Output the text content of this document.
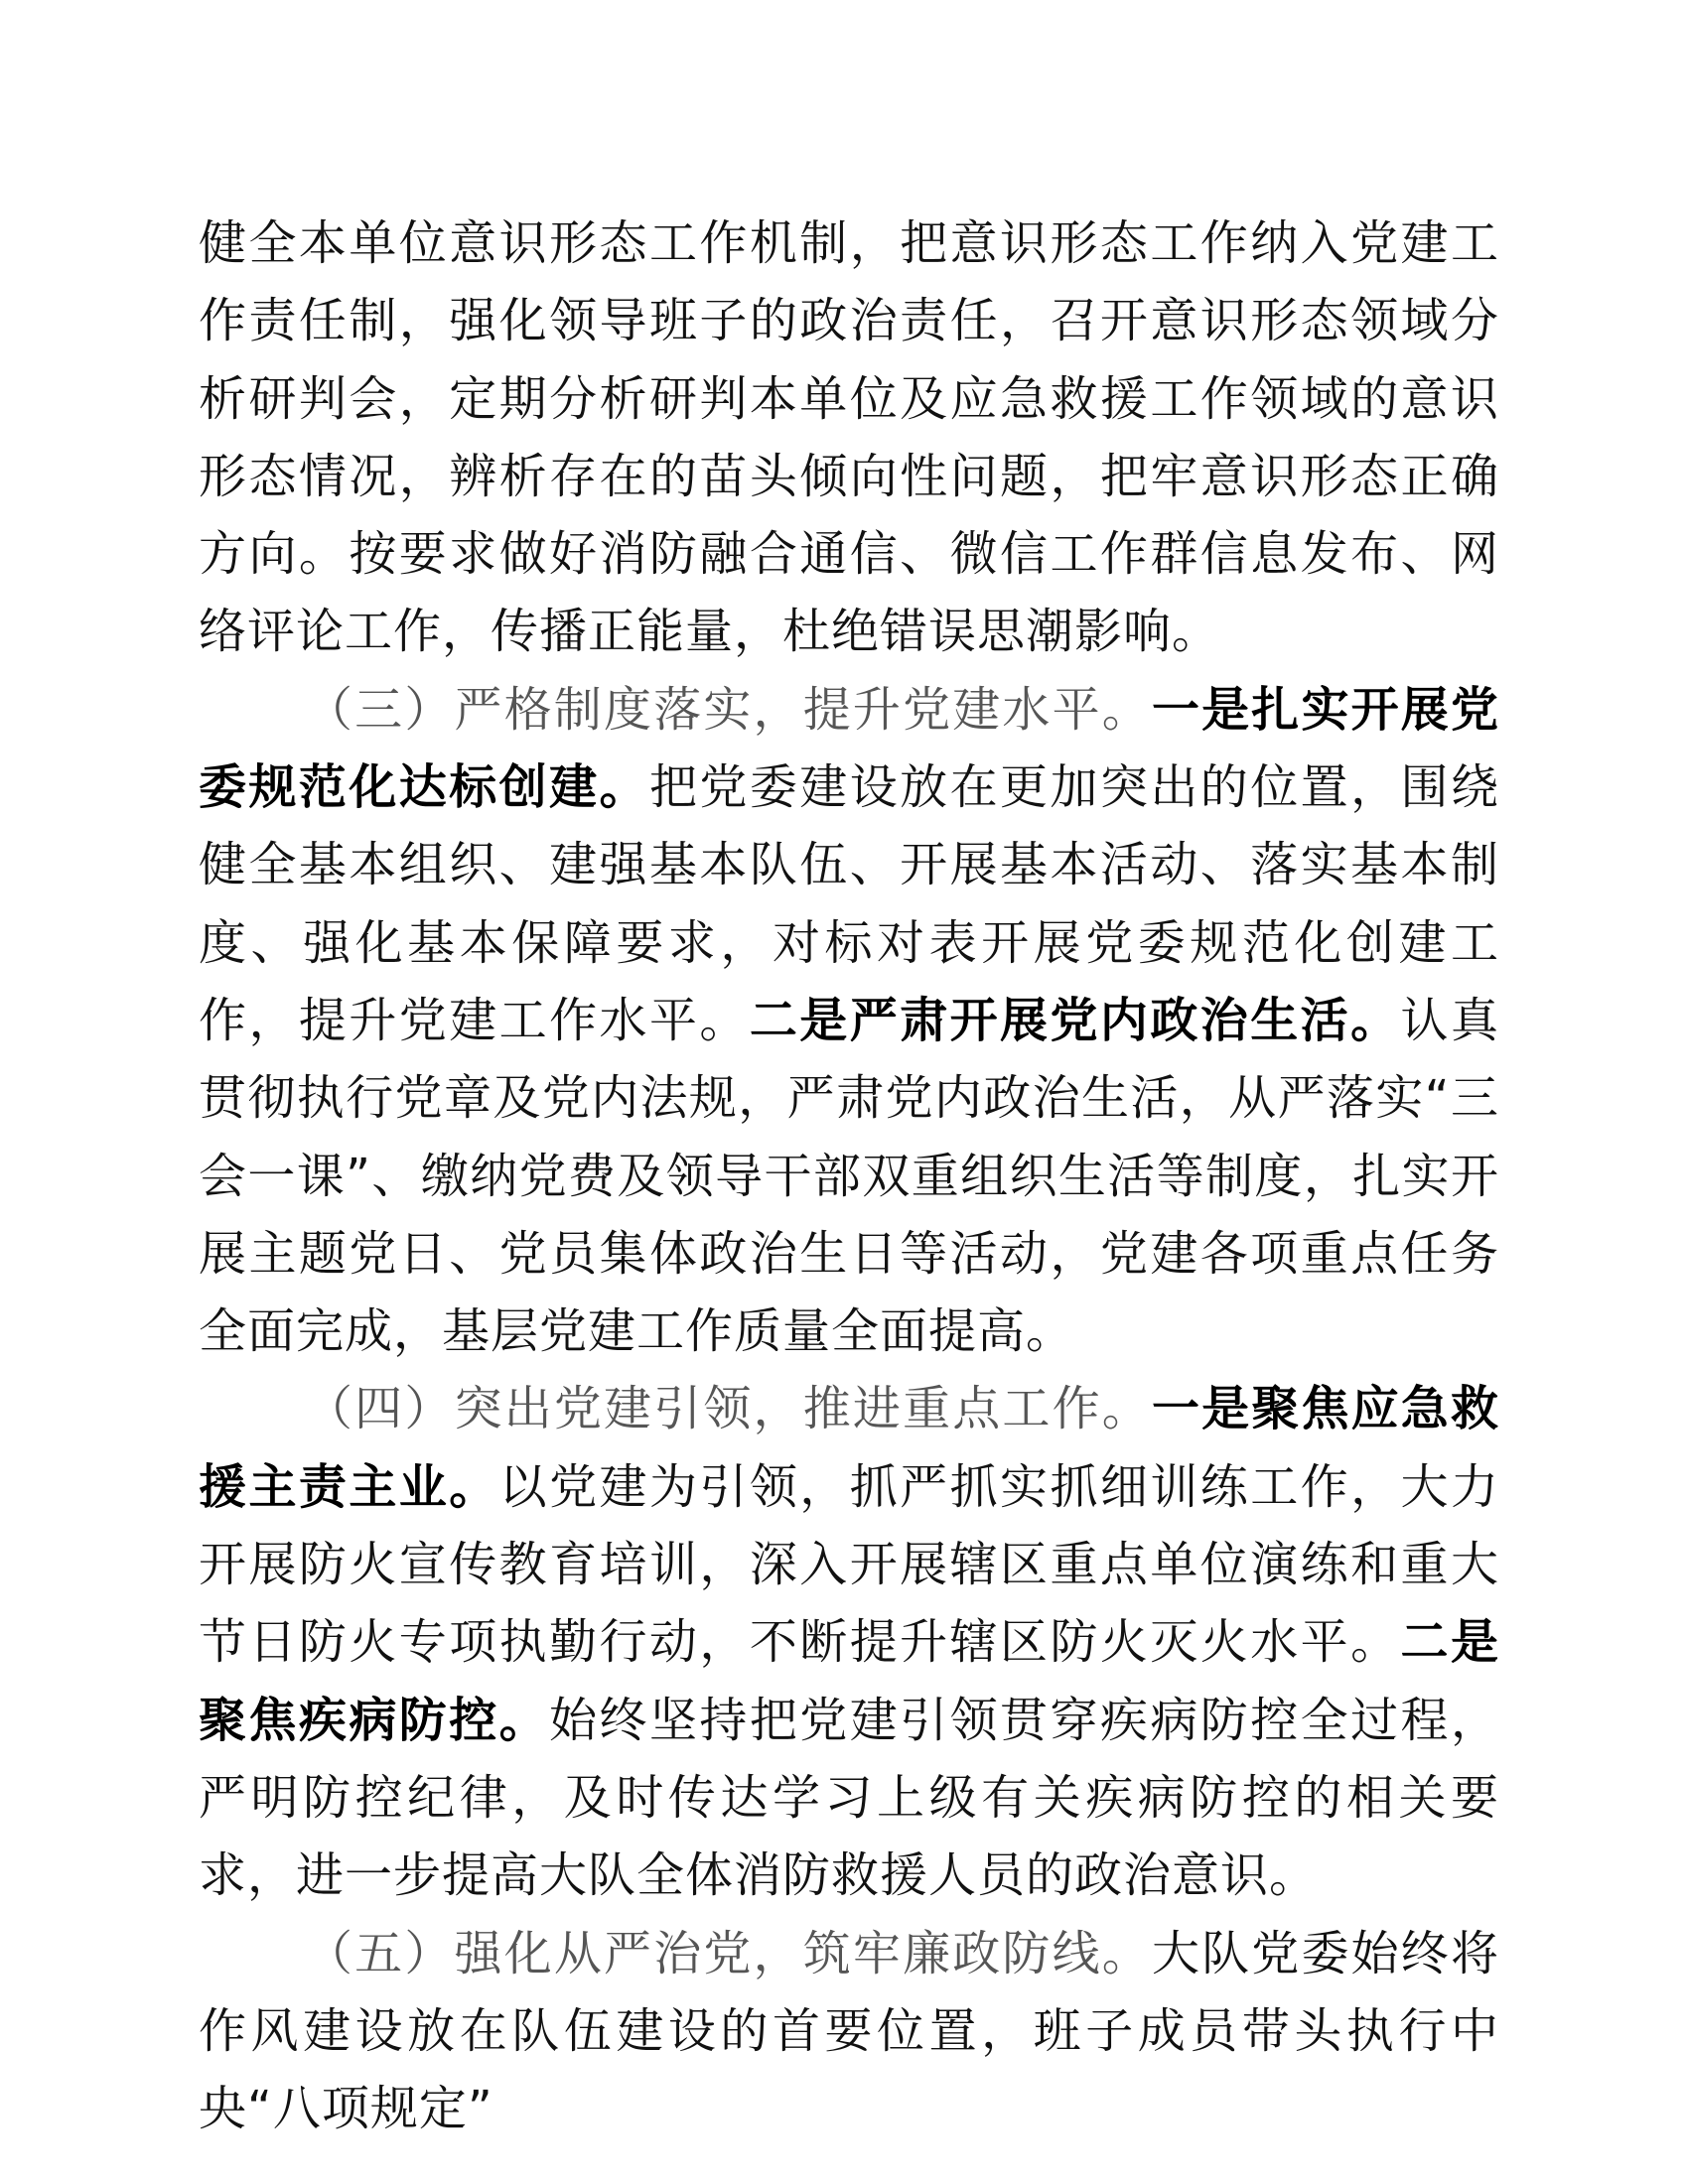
健全本单位意识形态工作机制，把意识形态工作纳入党建工作责任制，强化领导班子的政治责任，召开意识形态领域分析研判会，定期分析研判本单位及应急救援工作领域的意识形态情况，辨析存在的苗头倾向性问题，把牢意识形态正确方向。按要求做好消防融合通信、微信工作群信息发布、网络评论工作，传播正能量，杜绝错误思潮影响。

（三）严格制度落实，提升党建水平。一是扎实开展党委规范化达标创建。把党委建设放在更加突出的位置，围绕健全基本组织、建强基本队伍、开展基本活动、落实基本制度、强化基本保障要求，对标对表开展党委规范化创建工作，提升党建工作水平。二是严肃开展党内政治生活。认真贯彻执行党章及党内法规，严肃党内政治生活，从严落实“三会一课”、缴纳党费及领导干部双重组织生活等制度，扎实开展主题党日、党员集体政治生日等活动，党建各项重点任务全面完成，基层党建工作质量全面提高。

（四）突出党建引领，推进重点工作。一是聚焦应急救援主责主业。以党建为引领，抓严抓实抓细训练工作，大力开展防火宣传教育培训，深入开展辖区重点单位演练和重大节日防火专项执勤行动，不断提升辖区防火灭火水平。二是聚焦疾病防控。始终坚持把党建引领贯穿疾病防控全过程，严明防控纪律，及时传达学习上级有关疾病防控的相关要求，进一步提高大队全体消防救援人员的政治意识。

（五）强化从严治党，筑牢廉政防线。大队党委始终将作风建设放在队伍建设的首要位置，班子成员带头执行中央“八项规定”
